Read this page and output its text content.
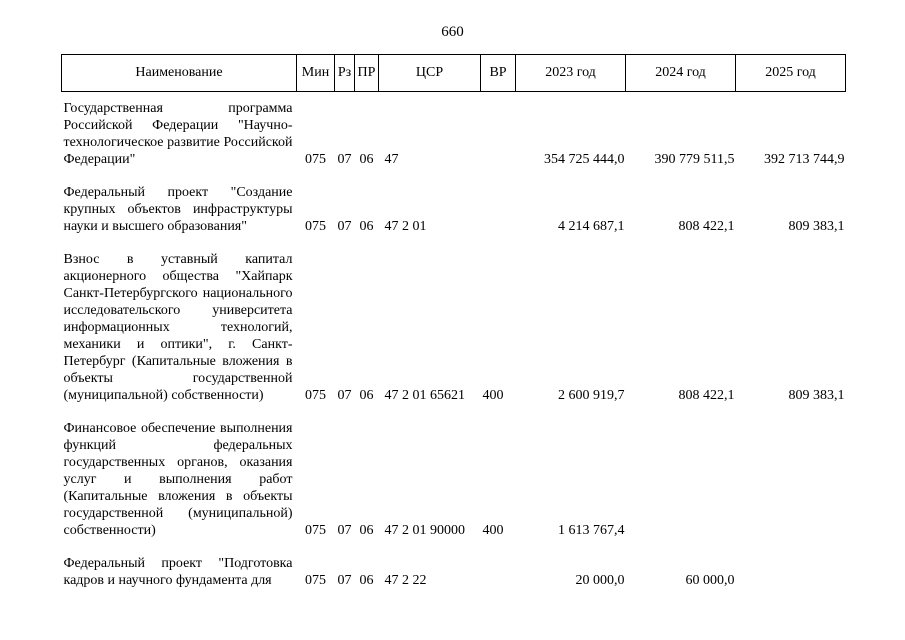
660
Наименование	Мин	Рз	ПР	ЦСР	ВР	2023 год	2024 год	2025 год

Государственная программа Российской Федерации "Научно-технологическое развитие Российской Федерации"	075	07	06	47		354 725 444,0	390 779 511,5	392 713 744,9
Федеральный проект "Создание крупных объектов инфраструктуры науки и высшего образования"	075	07	06	47 2 01		4 214 687,1	808 422,1	809 383,1
Взнос в уставный капитал акционерного общества "Хайпарк Санкт-Петербургского национального исследовательского университета информационных технологий, механики и оптики", г. Санкт-Петербург (Капитальные вложения в объекты государственной (муниципальной) собственности)	075	07	06	47 2 01 65621	400	2 600 919,7	808 422,1	809 383,1
Финансовое обеспечение выполнения функций федеральных государственных органов, оказания услуг и выполнения работ (Капитальные вложения в объекты государственной (муниципальной) собственности)	075	07	06	47 2 01 90000	400	1 613 767,4		
Федеральный проект "Подготовка кадров и научного фундамента для	075	07	06	47 2 22		20 000,0	60 000,0	
